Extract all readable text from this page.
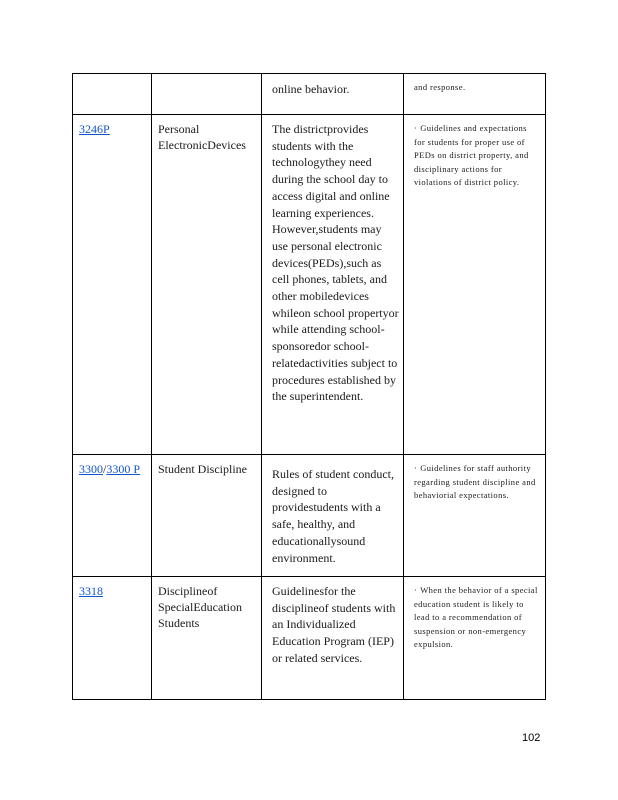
		online behavior.	and response.

3246P	Personal ElectronicDevices	The districtprovides students with the technologythey need during the school day to access digital and online learning experiences. However,students may use personal electronic devices(PEDs),such as cell phones, tablets, and other mobiledevices whileon school propertyor while attending school-sponsoredor school-relatedactivities subject to procedures established by the superintendent.	· Guidelines and expectations for students for proper use of PEDs on district property, and disciplinary actions for violations of district policy.

3300/3300 P	Student Discipline	Rules of student conduct, designed to providestudents with a safe, healthy, and educationallysound environment.	· Guidelines for staff authority regarding student discipline and behaviorial expectations.

3318	Disciplineof SpecialEducation Students	Guidelinesfor the disciplineof students with an Individualized Education Program (IEP) or related services.	· When the behavior of a special education student is likely to lead to a recommendation of suspension or non-emergency expulsion.
102
